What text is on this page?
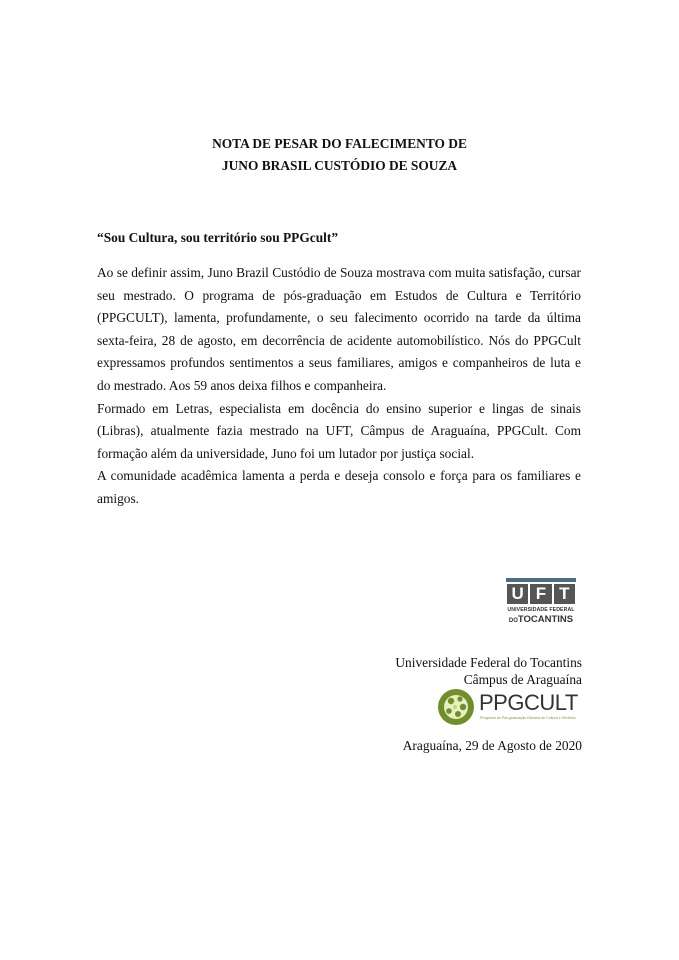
NOTA DE PESAR DO FALECIMENTO DE
JUNO BRASIL CUSTÓDIO DE SOUZA
“Sou Cultura, sou território sou PPGcult”

Ao se definir assim, Juno Brazil Custódio de Souza mostrava com muita satisfação, cursar seu mestrado. O programa de pós-graduação em Estudos de Cultura e Território (PPGCULT), lamenta, profundamente, o seu falecimento ocorrido na tarde da última sexta-feira, 28 de agosto, em decorrência de acidente automobilístico. Nós do PPGCult expressamos profundos sentimentos a seus familiares, amigos e companheiros de luta e do mestrado. Aos 59 anos deixa filhos e companheira.

Formado em Letras, especialista em docência do ensino superior e lingas de sinais (Libras), atualmente fazia mestrado na UFT, Câmpus de Araguaína, PPGCult. Com formação além da universidade, Juno foi um lutador por justiça social.

A comunidade acadêmica lamenta a perda e deseja consolo e força para os familiares e amigos.

U F T
UNIVERSIDADE FEDERAL
DOTOCANTINS
Universidade Federal do Tocantins
Câmpus de Araguaína
PPGCULT
Programa de Pós-graduação Estudos de Cultura e Território
Araguaína, 29 de Agosto de 2020
